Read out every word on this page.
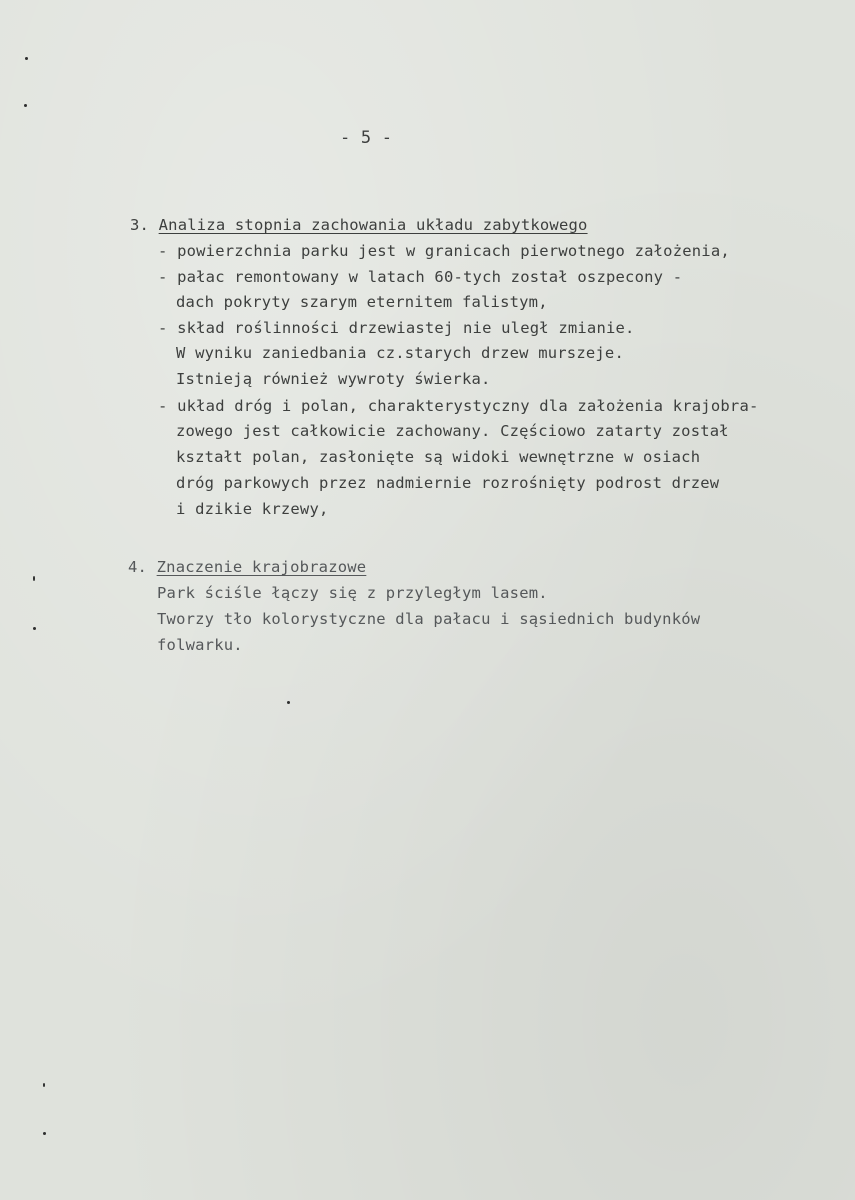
- 5 -
3. Analiza stopnia zachowania układu zabytkowego
- powierzchnia parku jest w granicach pierwotnego założenia,
- pałac remontowany w latach 60-tych został oszpecony -
dach pokryty szarym eternitem falistym,
- skład roślinności drzewiastej nie uległ zmianie.
W wyniku zaniedbania cz.starych drzew murszeje.
Istnieją również wywroty świerka.
- układ dróg i polan, charakterystyczny dla założenia krajobra-
zowego jest całkowicie zachowany. Częściowo zatarty został
kształt polan, zasłonięte są widoki wewnętrzne w osiach
dróg parkowych przez nadmiernie rozrośnięty podrost drzew
i dzikie krzewy,
4. Znaczenie krajobrazowe
Park ściśle łączy się z przyległym lasem.
Tworzy tło kolorystyczne dla pałacu i sąsiednich budynków
folwarku.
